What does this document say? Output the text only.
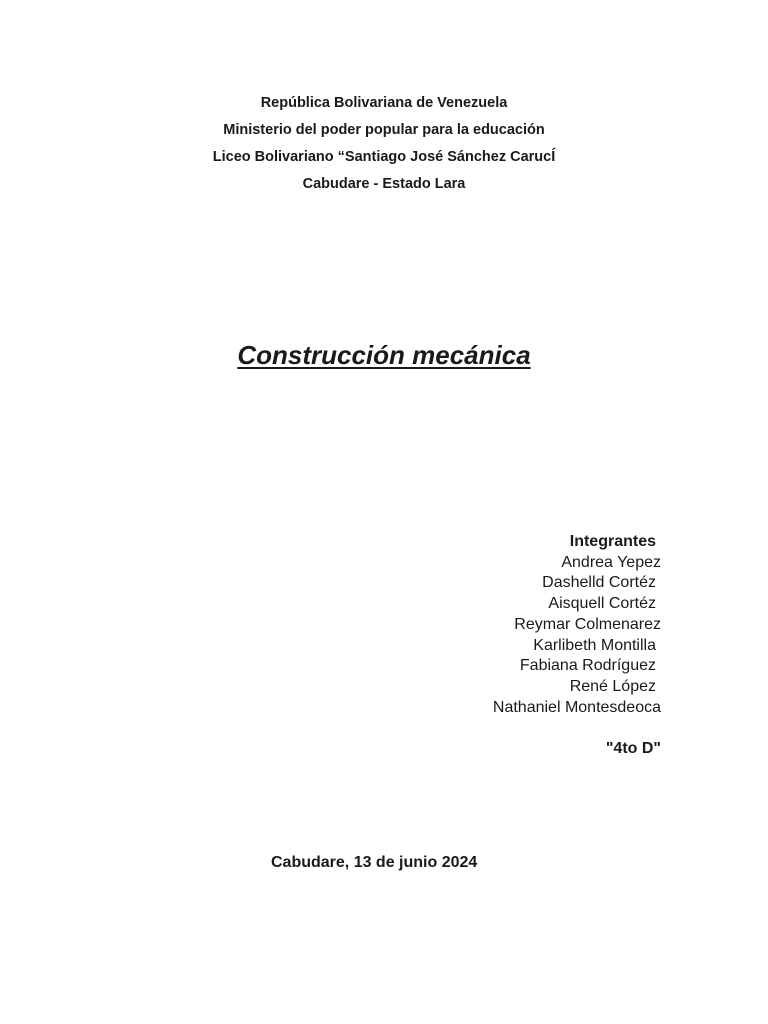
República Bolivariana de Venezuela
Ministerio del poder popular para la educación
Liceo Bolivariano “Santiago José Sánchez CarucÍ
Cabudare - Estado Lara
Construcción mecánica
Integrantes
Andrea Yepez
Dashelld Cortéz
Aisquell Cortéz
Reymar Colmenarez
Karlibeth Montilla
Fabiana Rodríguez
René López
Nathaniel Montesdeoca
"4to D"
Cabudare, 13 de junio 2024
